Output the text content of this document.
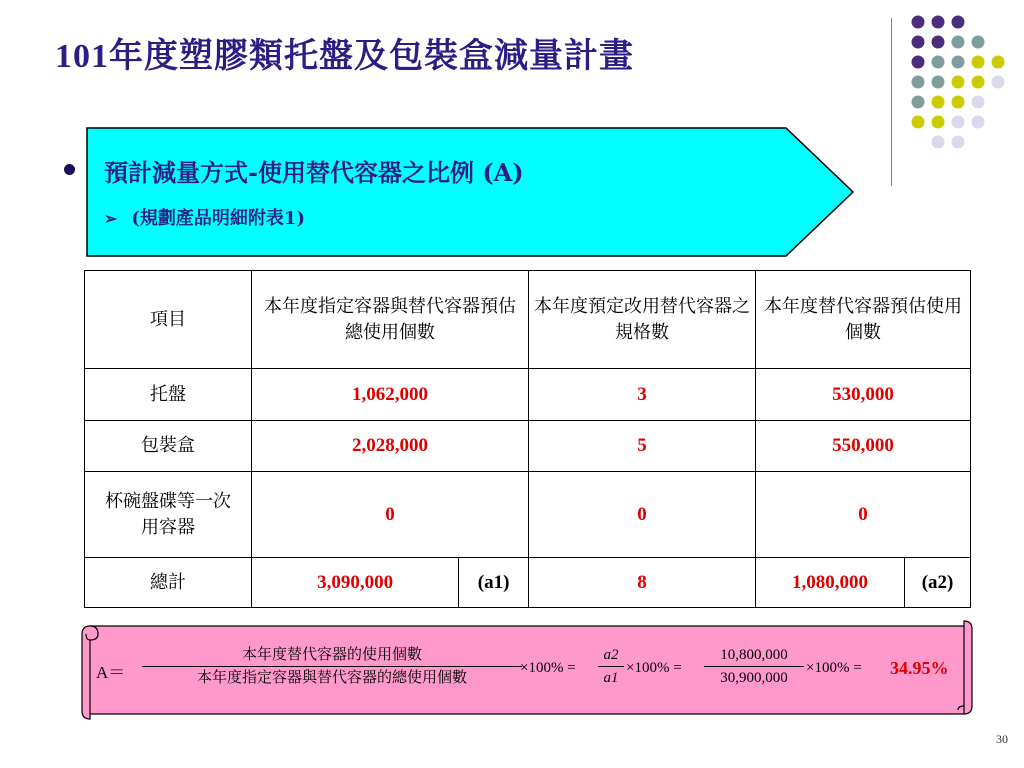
101年度塑膠類托盤及包裝盒減量計畫
預計減量方式-使用替代容器之比例 (A)
➢ (規劃產品明細附表1)
項目	本年度指定容器與替代容器預估總使用個數		本年度預定改用替代容器之規格數	本年度替代容器預估使用個數	
托盤	1,062,000		3	530,000	
包裝盒	2,028,000		5	550,000	
杯碗盤碟等一次用容器	0		0	0	
總計	3,090,000	(a1)	8	1,080,000	(a2)
A＝
本年度替代容器的使用個數
本年度指定容器與替代容器的總使用個數
×100% =
a2
a1
×100% =
10,800,000
30,900,000
×100% = 34.95%
30
